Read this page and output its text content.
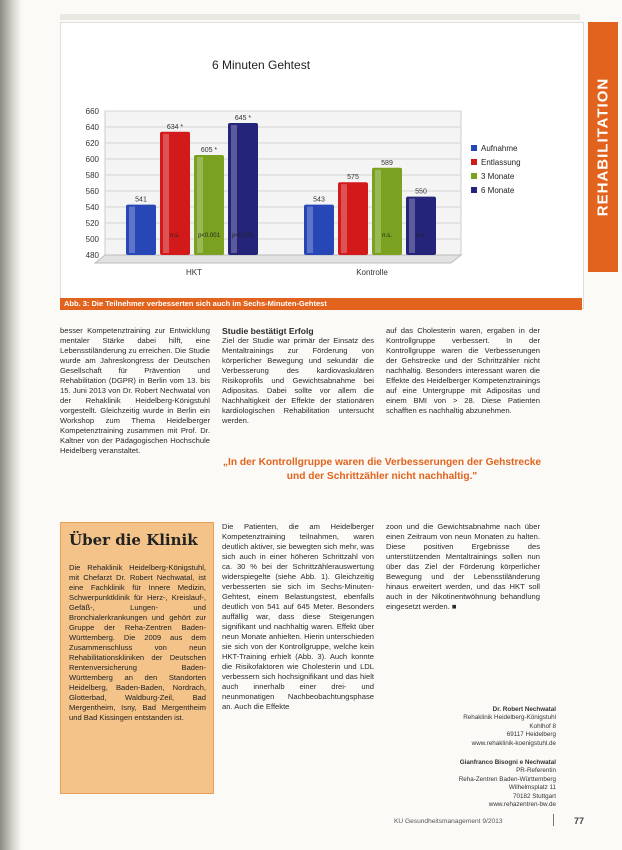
6 Minuten Gehtest
480
500
520
540
560
580
600
620
640
660
541
634 *
605 *
645 *
HKT
543
575
589
550
Kontrolle
n.s.	p<0.001 p<0.001	n.s.	n.s.
Aufnahme
Entlassung
3 Monate
6 Monate
Abb. 3: Die Teilnehmer verbesserten sich auch im Sechs-Minuten-Gehtest
REHABILITATION

besser Kompetenztraining zur Entwicklung mentaler Stärke dabei hilft, eine Lebensstiländerung zu erreichen. Die Studie wurde am Jahreskongress der Deutschen Gesellschaft für Prävention und Rehabilitation (DGPR) in Berlin vom 13. bis 15. Juni 2013 von Dr. Robert Nechwatal von der Rehaklinik Heidelberg-Königstuhl vorgestellt. Gleichzeitig wurde in Berlin ein Workshop zum Thema Heidelberger Kompetenztraining zusammen mit Prof. Dr. Kaltner von der Pädagogischen Hochschule Heidelberg veranstaltet.

Studie bestätigt Erfolg

Ziel der Studie war primär der Einsatz des Mentaltrainings zur Förderung von körperlicher Bewegung und sekundär die Verbesserung des kardiovaskulären Risikoprofils und Gewichtsabnahme bei Adipositas. Dabei sollte vor allem die Nachhaltigkeit der Effekte der stationären kardiologischen Rehabilitation untersucht werden.

auf das Cholesterin waren, ergaben in der Kontrollgruppe verbessert. In der Kontrollgruppe waren die Verbesserungen der Gehstrecke und der Schrittzähler nicht nachhaltig. Besonders interessant waren die Effekte des Heidelberger Kompetenztrainings auf eine Untergruppe mit Adipositas und einem BMI von > 28. Diese Patienten schafften es nachhaltig abzunehmen.

„In der Kontrollgruppe waren die Verbesserungen der Gehstrecke und der Schrittzähler nicht nachhaltig."
Über die Klinik
Die Rehaklinik Heidelberg-Königstuhl, mit Chefarzt Dr. Robert Nechwatal, ist eine Fachklinik für Innere Medizin, Schwerpunktklinik für Herz-, Kreislauf-, Gefäß-, Lungen- und Bronchialerkrankungen und gehört zur Gruppe der Reha-Zentren Baden-Württemberg. Die 2009 aus dem Zusammenschluss von neun Rehabilitationskliniken der Deutschen Rentenversicherung Baden-Württemberg an den Standorten Heidelberg, Baden-Baden, Nordrach, Glotterbad, Waldburg-Zeil, Bad Mergentheim, Isny, Bad Mergentheim und Bad Kissingen entstanden ist.

Die Patienten, die am Heidelberger Kompetenztraining teilnahmen, waren deutlich aktiver, sie bewegten sich mehr, was sich auch in einer höheren Schrittzahl von ca. 30 % bei der Schrittzählerauswertung widerspiegelte (siehe Abb. 1). Gleichzeitig verbesserten sie sich im Sechs-Minuten-Gehtest, einem Belastungstest, ebenfalls deutlich von 541 auf 645 Meter. Besonders auffällig war, dass diese Steigerungen signifikant und nachhaltig waren. Effekt über neun Monate anhielten. Hierin unterschieden sie sich von der Kontrollgruppe, welche kein HKT-Training erhielt (Abb. 3). Auch konnte die Risikofaktoren wie Cholesterin und LDL verbessern sich hochsignifikant und das hielt auch innerhalb einer drei- und neunmonatigen Nachbeobachtungsphase an. Auch die Effekte

zoon und die Gewichtsabnahme nach über einen Zeitraum von neun Monaten zu halten. Diese positiven Ergebnisse des unterstützenden Mentaltrainings sollen nun über das Ziel der Förderung körperlicher Bewegung und der Lebensstiländerung hinaus erweitert werden, und das HKT soll auch in der Nikotinentwöhnung behandlung eingesetzt werden. ■

Dr. Robert Nechwatal
Rehaklinik Heidelberg-Königstuhl
Kohlhof 8
69117 Heidelberg
www.rehaklinik-koenigstuhl.de
Gianfranco Bisogni e Nechwatal
PR-Referentin
Reha-Zentren Baden-Württemberg
Wilhelmsplatz 11
70182 Stuttgart
www.rehazentren-bw.de
KU Gesundheitsmanagement 9/2013	77
